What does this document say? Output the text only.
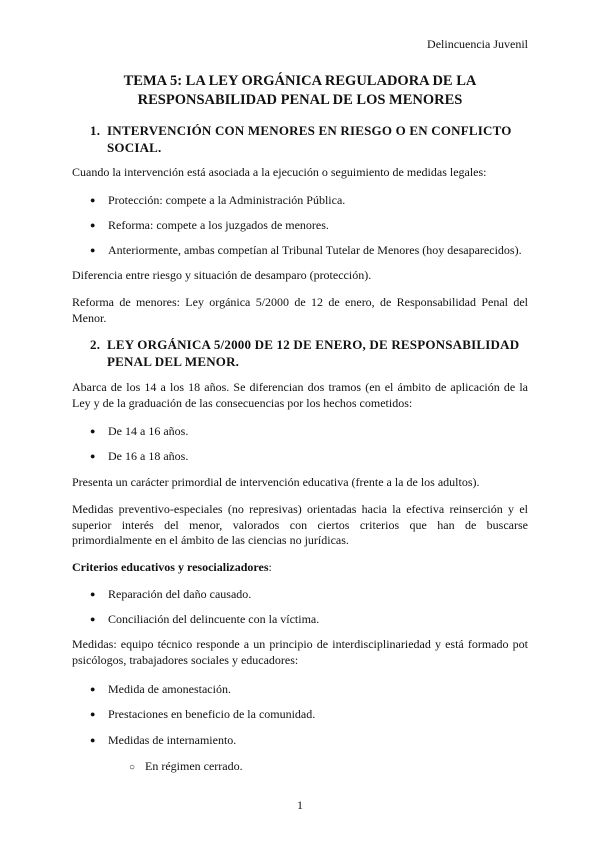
Delincuencia Juvenil
TEMA 5: LA LEY ORGÁNICA REGULADORA DE LA
RESPONSABILIDAD PENAL DE LOS MENORES
1. INTERVENCIÓN CON MENORES EN RIESGO O EN CONFLICTO
SOCIAL.
Cuando la intervención está asociada a la ejecución o seguimiento de medidas legales:
● Protección: compete a la Administración Pública.
● Reforma: compete a los juzgados de menores.
● Anteriormente, ambas competían al Tribunal Tutelar de Menores (hoy desaparecidos).
Diferencia entre riesgo y situación de desamparo (protección).
Reforma de menores: Ley orgánica 5/2000 de 12 de enero, de Responsabilidad Penal del Menor.
2. LEY ORGÁNICA 5/2000 DE 12 DE ENERO, DE RESPONSABILIDAD
PENAL DEL MENOR.
Abarca de los 14 a los 18 años. Se diferencian dos tramos (en el ámbito de aplicación de la Ley y de la graduación de las consecuencias por los hechos cometidos:
● De 14 a 16 años.
● De 16 a 18 años.
Presenta un carácter primordial de intervención educativa (frente a la de los adultos).
Medidas preventivo-especiales (no represivas) orientadas hacia la efectiva reinserción y el superior interés del menor, valorados con ciertos criterios que han de buscarse primordialmente en el ámbito de las ciencias no jurídicas.
Criterios educativos y resocializadores:
● Reparación del daño causado.
● Conciliación del delincuente con la víctima.
Medidas: equipo técnico responde a un principio de interdisciplinariedad y está formado pot psicólogos, trabajadores sociales y educadores:
● Medida de amonestación.
● Prestaciones en beneficio de la comunidad.
● Medidas de internamiento.
○ En régimen cerrado.
1
